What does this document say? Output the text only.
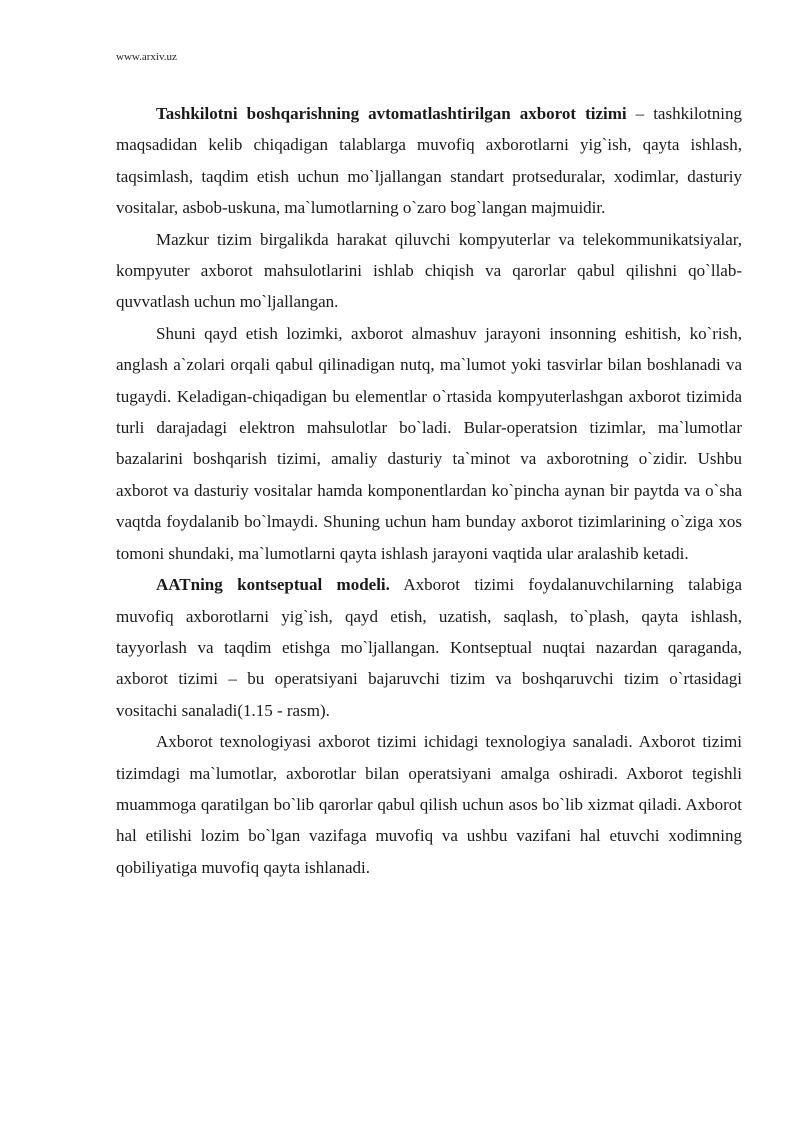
www.arxiv.uz

Tashkilotni boshqarishning avtomatlashtirilgan axborot tizimi – tashkilotning maqsadidan kelib chiqadigan talablarga muvofiq axborotlarni yig`ish, qayta ishlash, taqsimlash, taqdim etish uchun mo`ljallangan standart protseduralar, xodimlar, dasturiy vositalar, asbob-uskuna, ma`lumotlarning o`zaro bog`langan majmuidir.

Mazkur tizim birgalikda harakat qiluvchi kompyuterlar va telekommunikatsiyalar, kompyuter axborot mahsulotlarini ishlab chiqish va qarorlar qabul qilishni qo`llab-quvvatlash uchun mo`ljallangan.

Shuni qayd etish lozimki, axborot almashuv jarayoni insonning eshitish, ko`rish, anglash a`zolari orqali qabul qilinadigan nutq, ma`lumot yoki tasvirlar bilan boshlanadi va tugaydi. Keladigan-chiqadigan bu elementlar o`rtasida kompyuterlashgan axborot tizimida turli darajadagi elektron mahsulotlar bo`ladi. Bular-operatsion tizimlar, ma`lumotlar bazalarini boshqarish tizimi, amaliy dasturiy ta`minot va axborotning o`zidir. Ushbu axborot va dasturiy vositalar hamda komponentlardan ko`pincha aynan bir paytda va o`sha vaqtda foydalanib bo`lmaydi. Shuning uchun ham bunday axborot tizimlarining o`ziga xos tomoni shundaki, ma`lumotlarni qayta ishlash jarayoni vaqtida ular aralashib ketadi.

AATning kontseptual modeli. Axborot tizimi foydalanuvchilarning talabiga muvofiq axborotlarni yig`ish, qayd etish, uzatish, saqlash, to`plash, qayta ishlash, tayyorlash va taqdim etishga mo`ljallangan. Kontseptual nuqtai nazardan qaraganda, axborot tizimi – bu operatsiyani bajaruvchi tizim va boshqaruvchi tizim o`rtasidagi vositachi sanaladi(1.15 - rasm).

Axborot texnologiyasi axborot tizimi ichidagi texnologiya sanaladi. Axborot tizimi tizimdagi ma`lumotlar, axborotlar bilan operatsiyani amalga oshiradi. Axborot tegishli muammoga qaratilgan bo`lib qarorlar qabul qilish uchun asos bo`lib xizmat qiladi. Axborot hal etilishi lozim bo`lgan vazifaga muvofiq va ushbu vazifani hal etuvchi xodimning qobiliyatiga muvofiq qayta ishlanadi.
